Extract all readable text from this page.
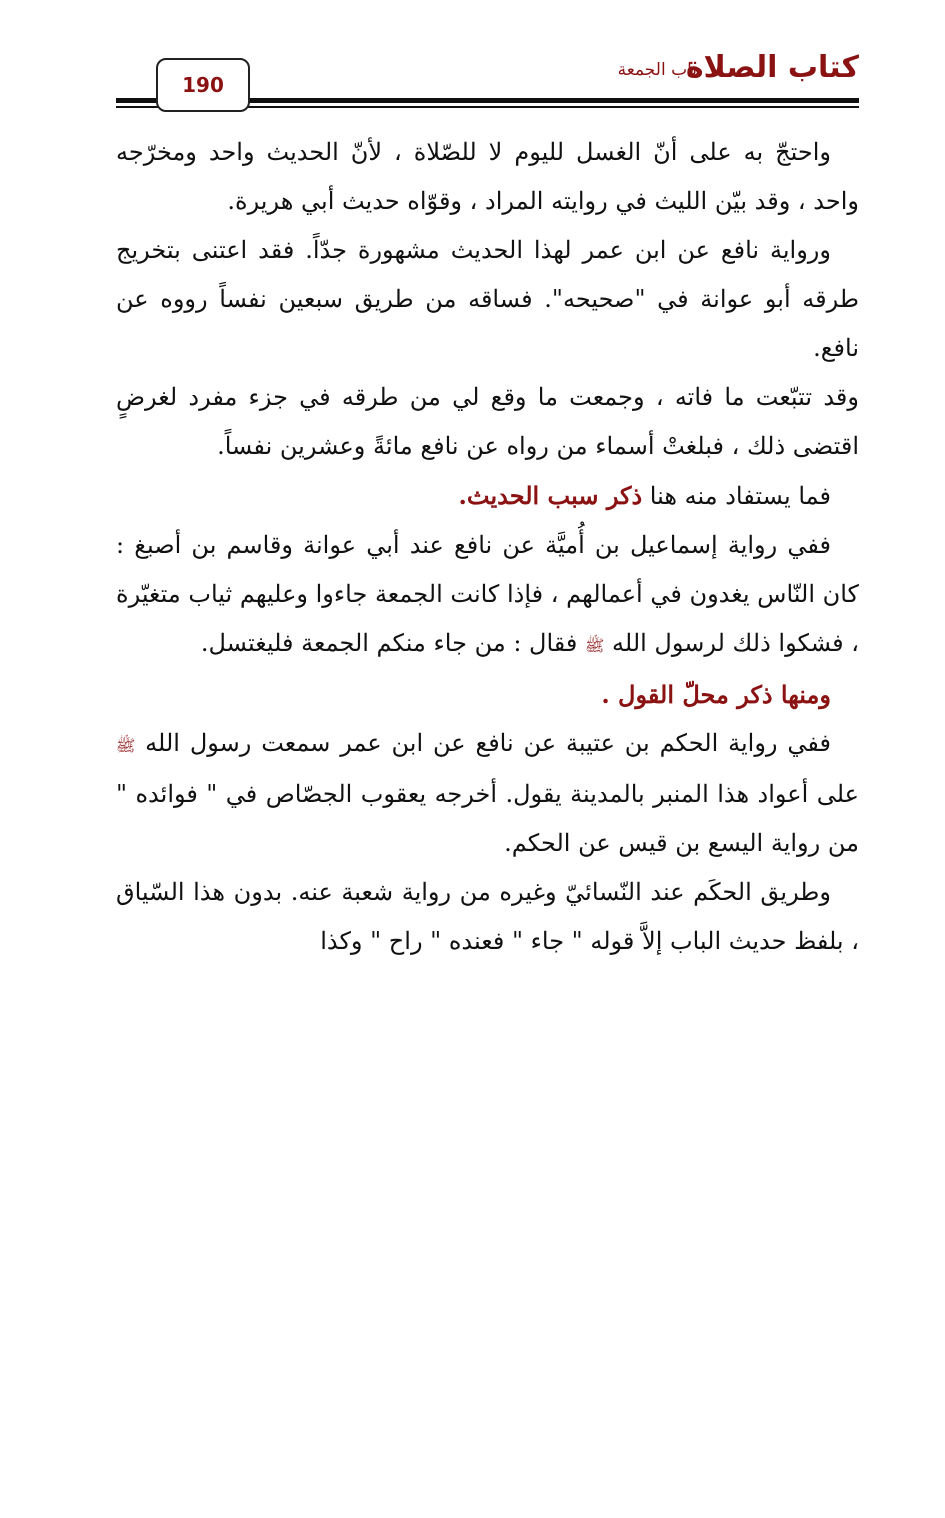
كتاب الصلاة
باب الجمعة
190

واحتجّ به على أنّ الغسل لليوم لا للصّلاة ، لأنّ الحديث واحد ومخرّجه واحد ، وقد بيّن الليث في روايته المراد ، وقوّاه حديث أبي هريرة.

ورواية نافع عن ابن عمر لهذا الحديث مشهورة جدّاً. فقد اعتنى بتخريج طرقه أبو عوانة في "صحيحه". فساقه من طريق سبعين نفساً رووه عن نافع.

وقد تتبّعت ما فاته ، وجمعت ما وقع لي من طرقه في جزء مفرد لغرضٍ اقتضى ذلك ، فبلغتْ أسماء من رواه عن نافع مائةً وعشرين نفساً.

فما يستفاد منه هنا ذكر سبب الحديث.

ففي رواية إسماعيل بن أُميَّة عن نافع عند أبي عوانة وقاسم بن أصبغ : كان النّاس يغدون في أعمالهم ، فإذا كانت الجمعة جاءوا وعليهم ثياب متغيّرة ، فشكوا ذلك لرسول الله ﷺ فقال : من جاء منكم الجمعة فليغتسل.

ومنها ذكر محلّ القول .

ففي رواية الحكم بن عتيبة عن نافع عن ابن عمر سمعت رسول الله ﷺ على أعواد هذا المنبر بالمدينة يقول. أخرجه يعقوب الجصّاص في " فوائده " من رواية اليسع بن قيس عن الحكم.

وطريق الحكَم عند النّسائيّ وغيره من رواية شعبة عنه. بدون هذا السّياق ، بلفظ حديث الباب إلاَّ قوله " جاء " فعنده " راح " وكذا
